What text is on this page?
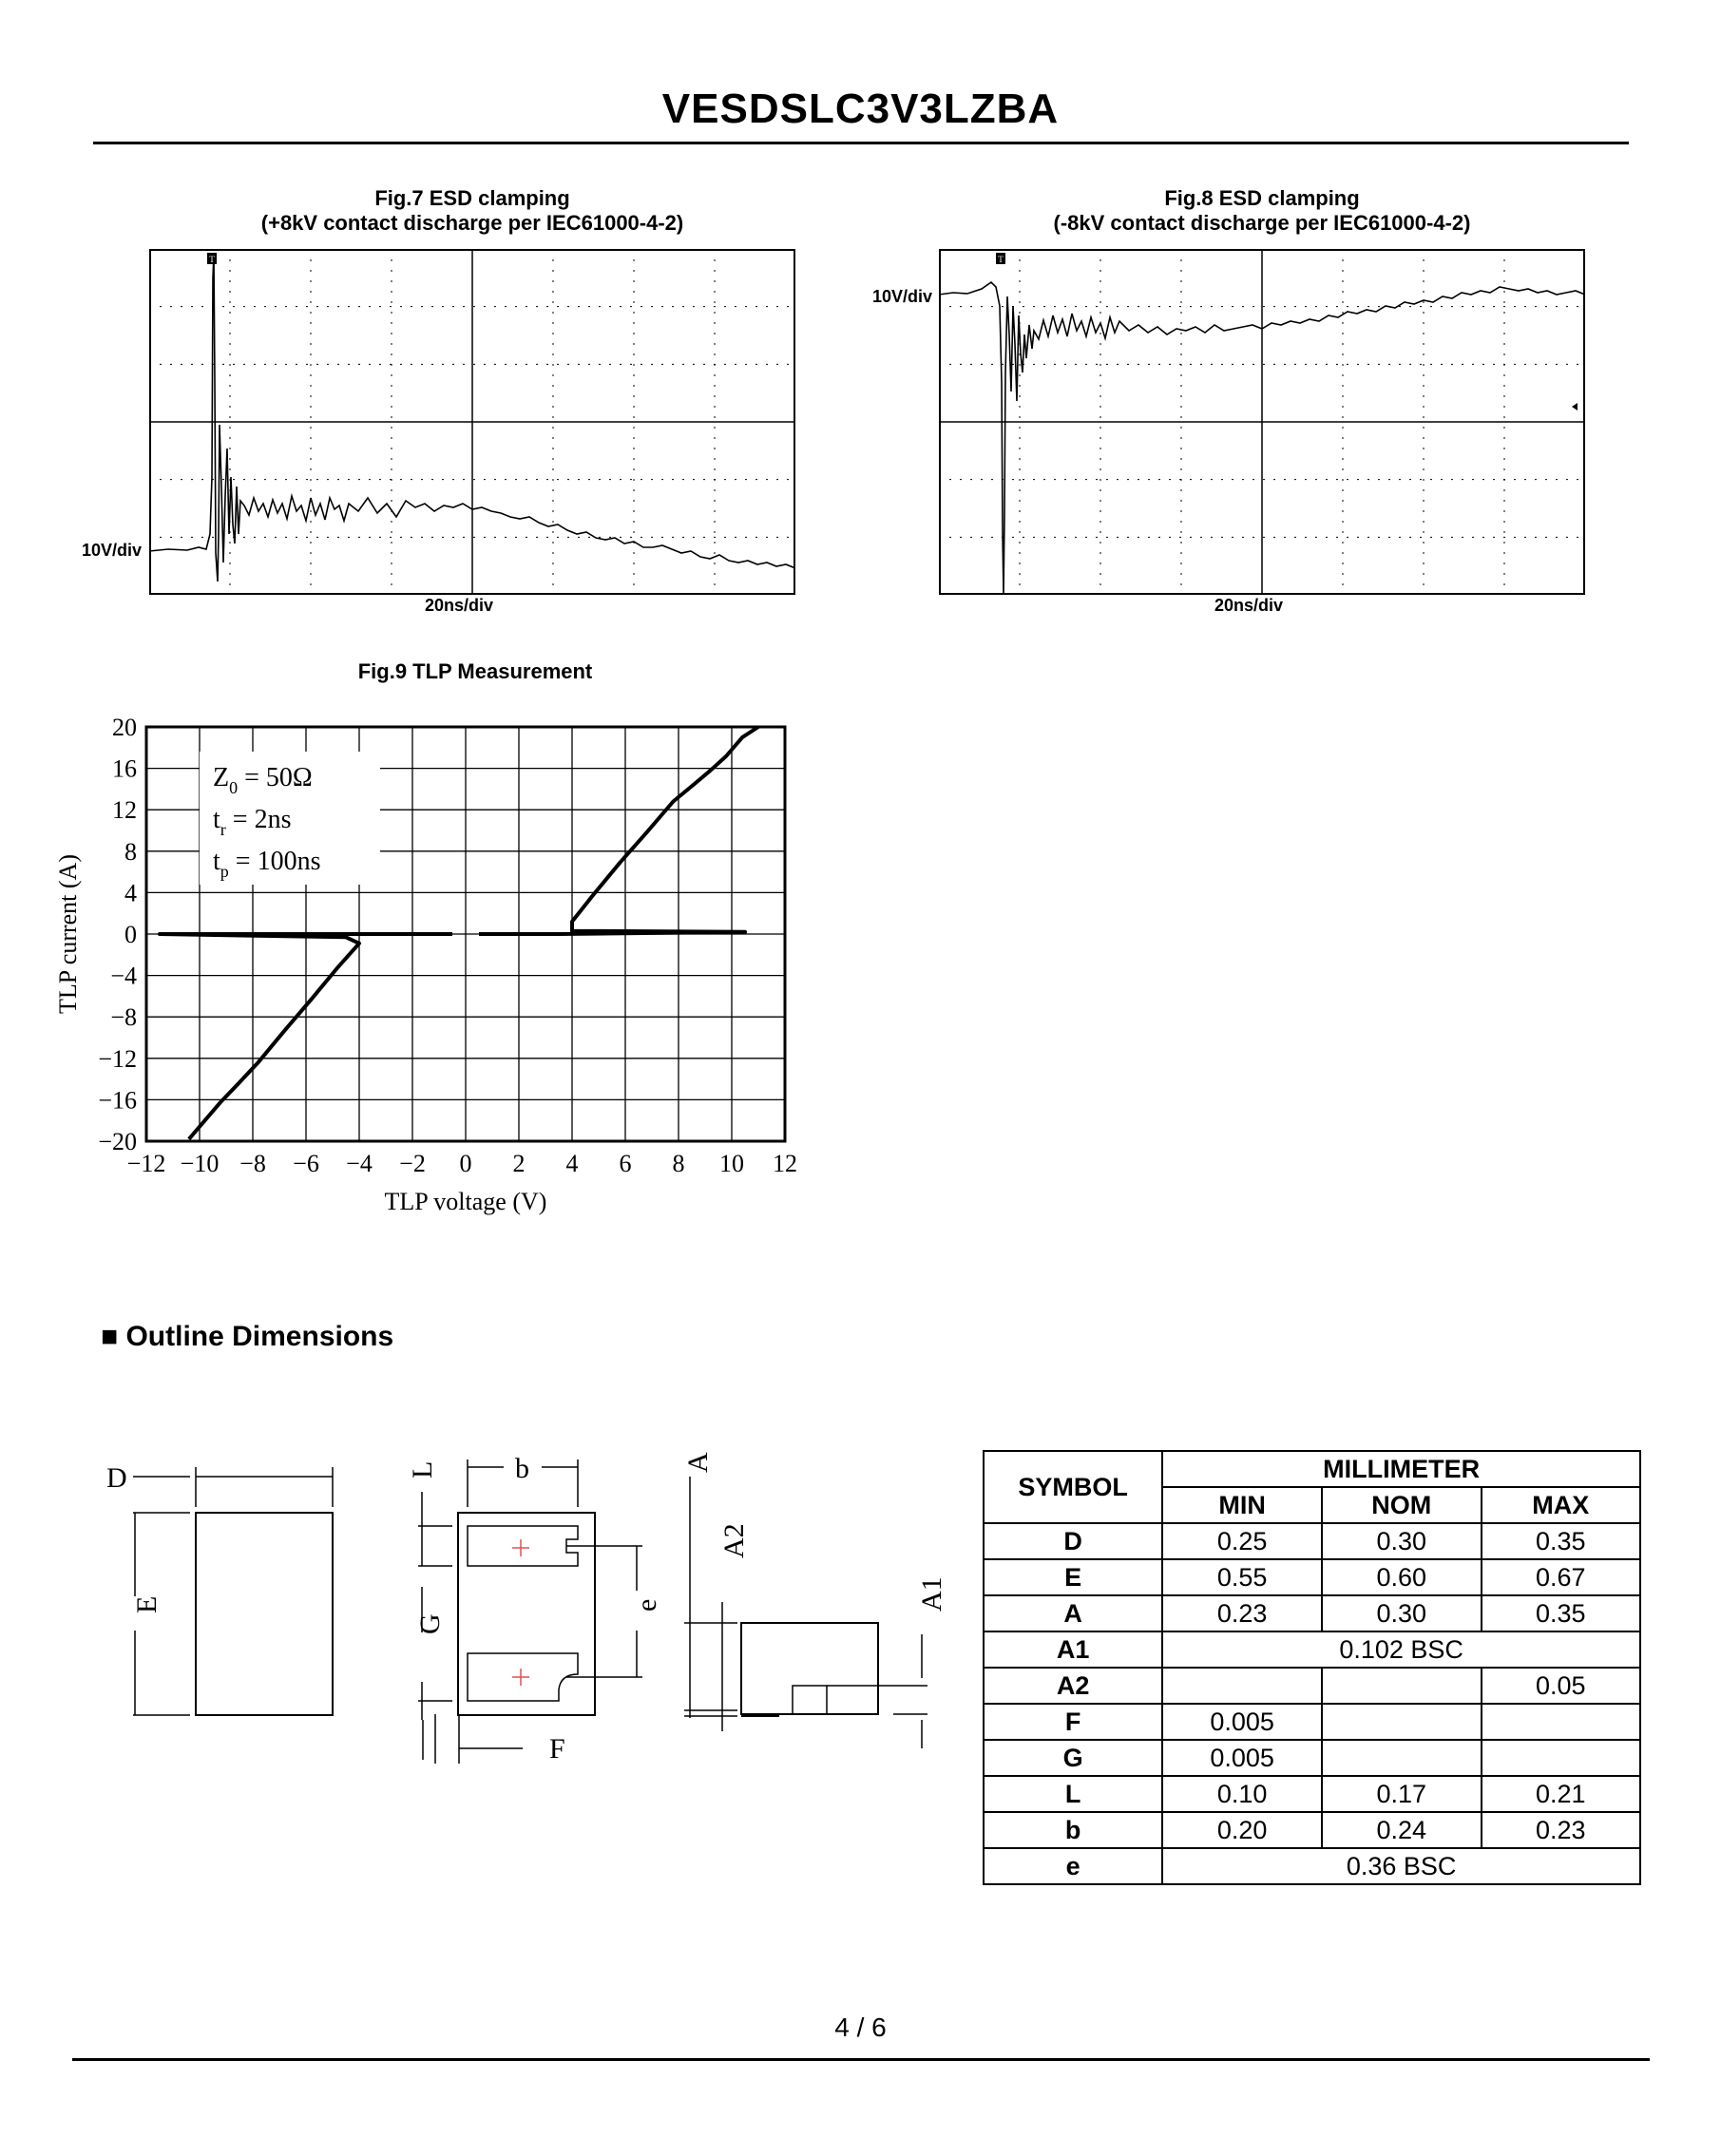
VESDSLC3V3LZBA
Fig.7 ESD clamping
(+8kV contact discharge per IEC61000-4-2)
T
10V/div
20ns/div
Fig.8 ESD clamping
(-8kV contact discharge per IEC61000-4-2)
T
10V/div
20ns/div
Fig.9 TLP Measurement
−12 −10 −8 −6 −4 −2 0 2 4 6 8 10 12
20
16
12
8
4
0
−4
−8
−12
−16
−20
$Z_0 = 50\Omega$
$t_r = 2ns$
$t_p = 100ns$
TLP voltage (V)
TLP current (A)
■ Outline Dimensions
D
E
b
L
G
F
e
A
A2
A1
SYMBOL	MILLIMETER		
	MIN	NOM	MAX
D	0.25	0.30	0.35
E	0.55	0.60	0.67
A	0.23	0.30	0.35
A1	0.102 BSC		
A2			0.05
F	0.005		
G	0.005		
L	0.10	0.17	0.21
b	0.20	0.24	0.23
e	0.36 BSC		
4 / 6
